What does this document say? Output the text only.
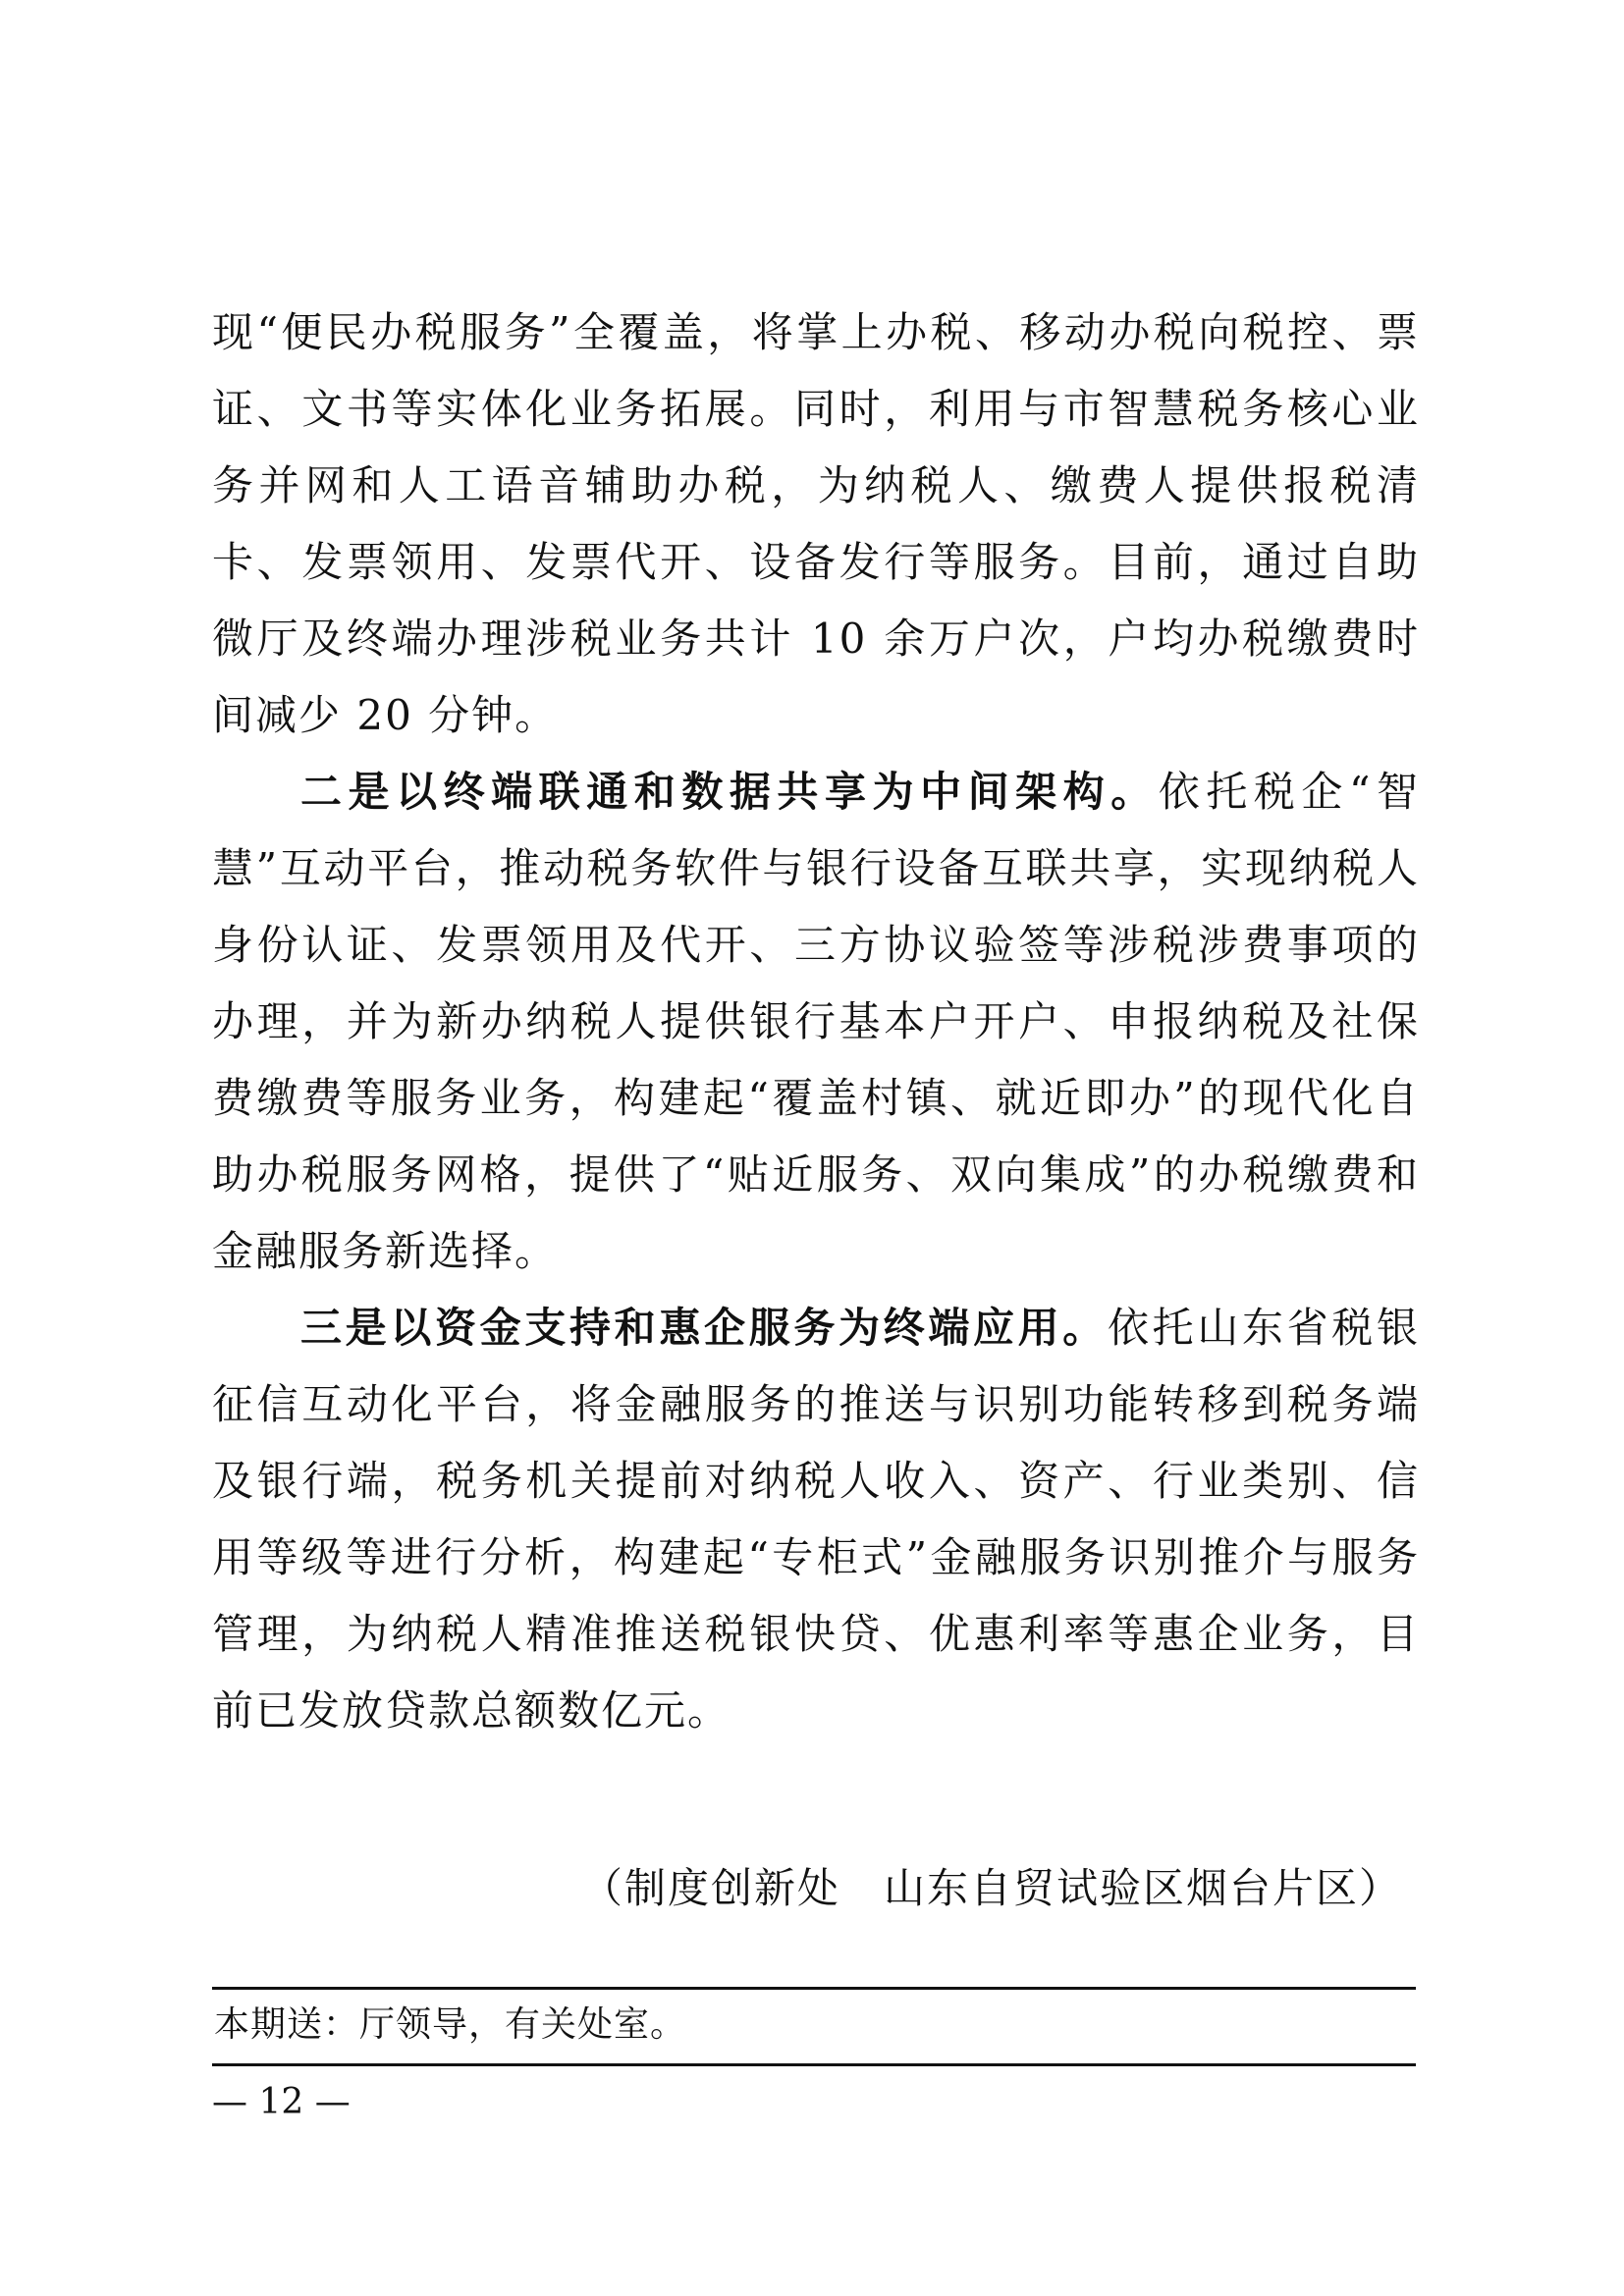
现“便民办税服务”全覆盖，将掌上办税、移动办税向税控、票证、文书等实体化业务拓展。同时，利用与市智慧税务核心业务并网和人工语音辅助办税，为纳税人、缴费人提供报税清卡、发票领用、发票代开、设备发行等服务。目前，通过自助微厅及终端办理涉税业务共计 10 余万户次，户均办税缴费时间减少 20 分钟。

二是以终端联通和数据共享为中间架构。依托税企“智慧”互动平台，推动税务软件与银行设备互联共享，实现纳税人身份认证、发票领用及代开、三方协议验签等涉税涉费事项的办理，并为新办纳税人提供银行基本户开户、申报纳税及社保费缴费等服务业务，构建起“覆盖村镇、就近即办”的现代化自助办税服务网格，提供了“贴近服务、双向集成”的办税缴费和金融服务新选择。

三是以资金支持和惠企服务为终端应用。依托山东省税银征信互动化平台，将金融服务的推送与识别功能转移到税务端及银行端，税务机关提前对纳税人收入、资产、行业类别、信用等级等进行分析，构建起“专柜式”金融服务识别推介与服务管理，为纳税人精准推送税银快贷、优惠利率等惠企业务，目前已发放贷款总额数亿元。

（制度创新处　山东自贸试验区烟台片区）
本期送：厅领导，有关处室。
— 12 —
